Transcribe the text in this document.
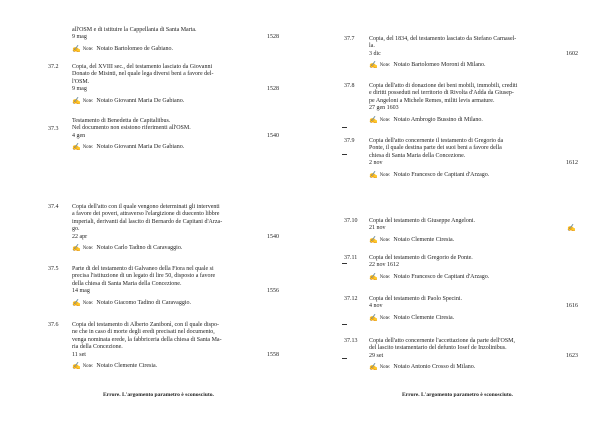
all'OSM e di istituire la Cappellania di Santa Marta.
9 mag	1528
✍ Note: Notaio Bartolomeo de Gabiano.
37.2 Copia, del XVIII sec., del testamento lasciato da Giovanni
Donato de Misinti, nel quale lega diversi beni a favore del-
l'OSM.
9 mag	1528
✍ Note: Notaio Giovanni Maria De Gabiano.
37.3
Testamento di Benedetta de Capitaliibus.
Nel documento non esistono riferimenti all'OSM.
4 gen	1540
✍ Note: Notaio Giovanni Maria De Gabiano.
37.4 Copia dell'atto con il quale vengono determinati gli interventi
a favore dei poveri, attraverso l'elargizione di duecento libbre
imperiali, derivanti dal lascito di Bernardo de Capitani d'Arza-
go.
22 apr	1540
✍ Note: Notaio Carlo Tadino di Caravaggio.
37.5 Parte di del testamento di Galvaneo della Fiora nel quale si
precisa l'istituzione di un legato di lire 50, disposto a favore
della chiesa di Santa Maria della Concezione.
14 mag	1556
✍ Note: Notaio Giacomo Tadino di Caravaggio.
37.6 Copia del testamento di Alberto Zanibonì, con il quale dispo-
ne che in caso di morte degli eredi precisati nel documento,
venga nominata erede, la fabbriceria della chiesa di Santa Ma-
ria della Concezione.
11 set	1558
✍ Note: Notaio Clemente Ciresia.
Errore. L'argomento parametro è sconosciuto.
37.7 Copia, del 1834, del testamento lasciato da Stefano Carnasel-
la.
3 dic	1602
✍ Note: Notaio Bartolomeo Moroni di Milano.
37.8 Copia dell'atto di donazione dei beni mobili, immobili, crediti
e diritti posseduti nel territorio di Rivolta d'Adda da Giusep-
pe Angeloni a Michele Remes, militi levis armature.
27 gen 1603
✍ Note: Notaio Ambrogio Bussino di Milano.
37.9 Copia dell'atto concernente il testamento di Gregorio da
Ponte, il quale destina parte dei suoi beni a favore della
chiesa di Santa Maria della Concezione.
2 nov	1612
✍ Note: Notaio Francesco de Capitani d'Arzago.
37.10 Copia del testamento di Giuseppe Angeloni.
21 nov	✍
✍ Note: Notaio Clemente Ciresia.
37.11 Copia del testamento di Gregorio de Ponte.
22 nov 1612
✍ Note: Notaio Francesco de Capitani d'Arzago.
37.12 Copia del testamento di Paolo Specini.
4 nov	1616
✍ Note: Notaio Clemente Ciresia.
37.13 Copia dell'atto concernente l'accettazione da parte dell'OSM,
del lascito testamentario del defunto Iosef de Inzolinibus.
29 set	1623
✍ Note: Notaio Antonio Crosso di Milano.
Errore. L'argomento parametro è sconosciuto.
